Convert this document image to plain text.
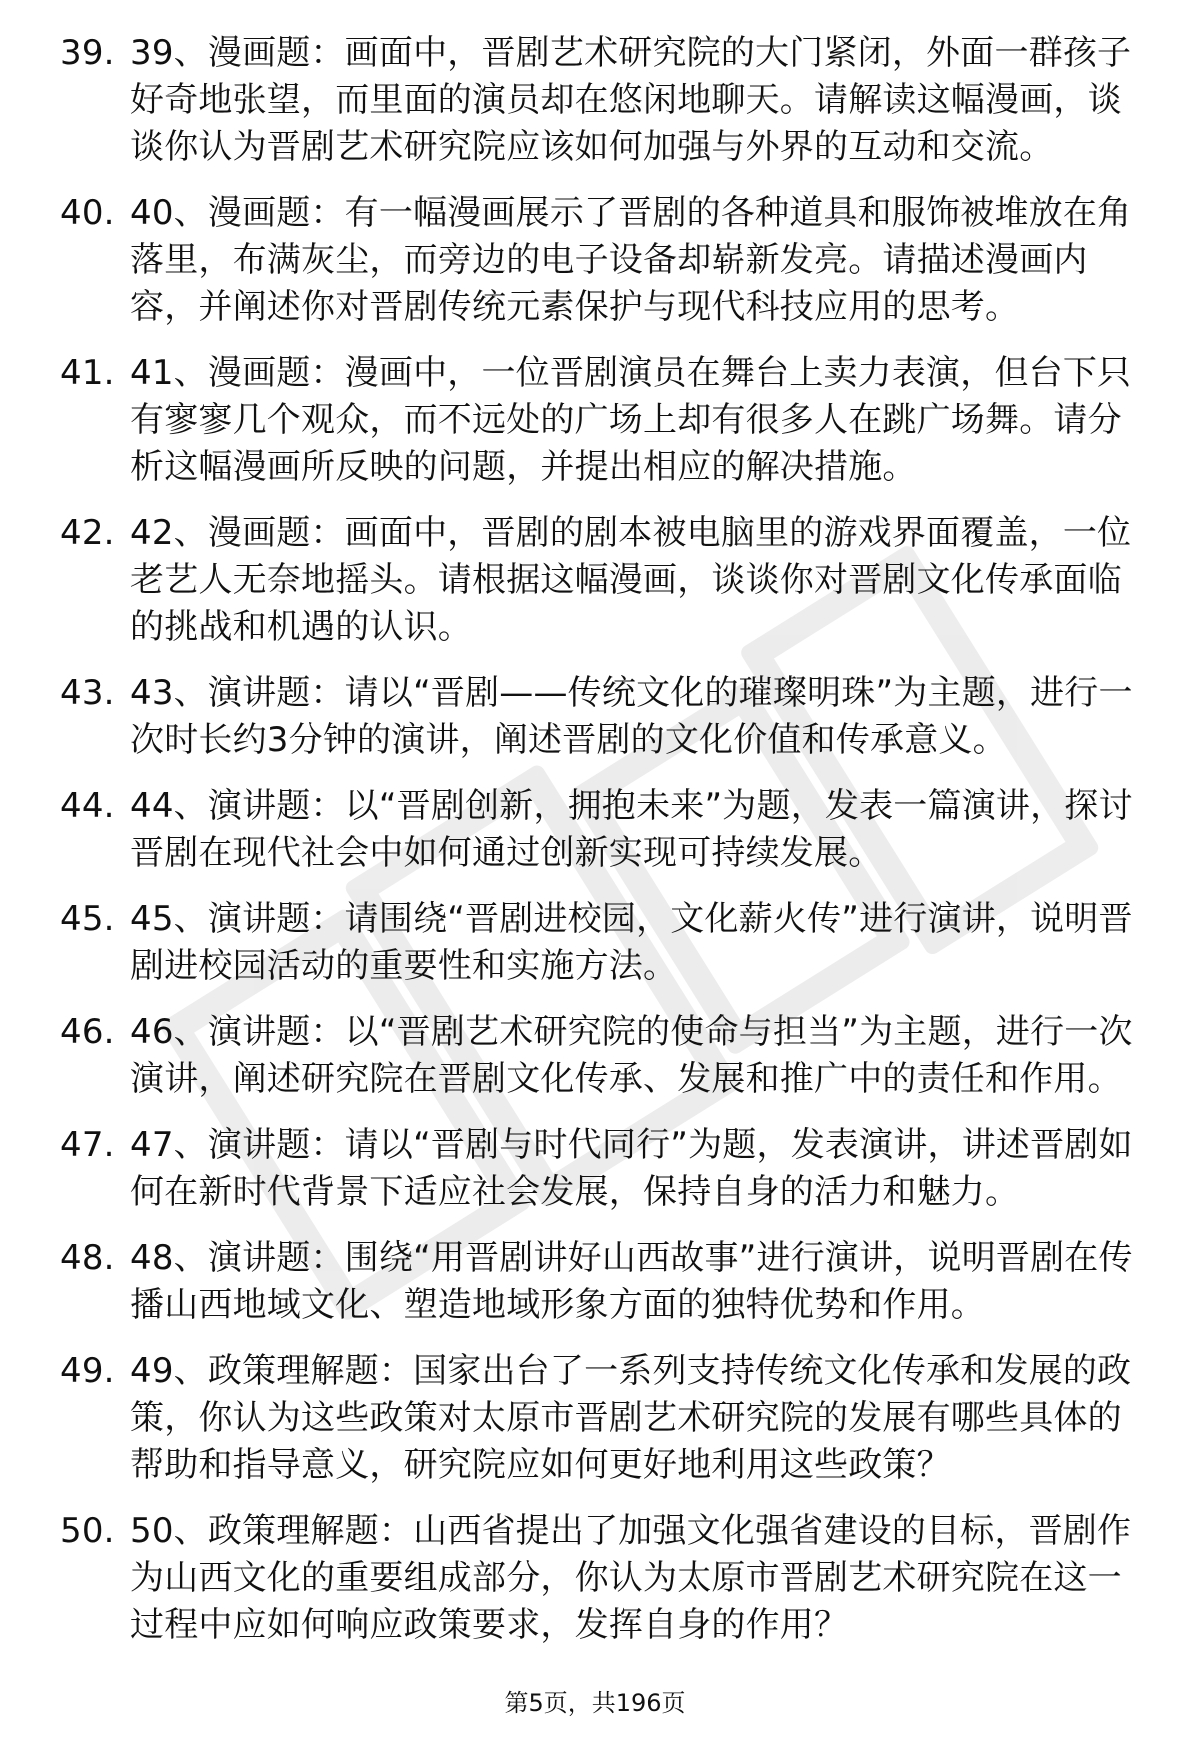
39. 39、漫画题：画面中，晋剧艺术研究院的大门紧闭，外面一群孩子好奇地张望，而里面的演员却在悠闲地聊天。请解读这幅漫画，谈谈你认为晋剧艺术研究院应该如何加强与外界的互动和交流。
40. 40、漫画题：有一幅漫画展示了晋剧的各种道具和服饰被堆放在角落里，布满灰尘，而旁边的电子设备却崭新发亮。请描述漫画内容，并阐述你对晋剧传统元素保护与现代科技应用的思考。
41. 41、漫画题：漫画中，一位晋剧演员在舞台上卖力表演，但台下只有寥寥几个观众，而不远处的广场上却有很多人在跳广场舞。请分析这幅漫画所反映的问题，并提出相应的解决措施。
42. 42、漫画题：画面中，晋剧的剧本被电脑里的游戏界面覆盖，一位老艺人无奈地摇头。请根据这幅漫画，谈谈你对晋剧文化传承面临的挑战和机遇的认识。
43. 43、演讲题：请以“晋剧——传统文化的璀璨明珠”为主题，进行一次时长约3分钟的演讲，阐述晋剧的文化价值和传承意义。
44. 44、演讲题：以“晋剧创新，拥抱未来”为题，发表一篇演讲，探讨晋剧在现代社会中如何通过创新实现可持续发展。
45. 45、演讲题：请围绕“晋剧进校园，文化薪火传”进行演讲，说明晋剧进校园活动的重要性和实施方法。
46. 46、演讲题：以“晋剧艺术研究院的使命与担当”为主题，进行一次演讲，阐述研究院在晋剧文化传承、发展和推广中的责任和作用。
47. 47、演讲题：请以“晋剧与时代同行”为题，发表演讲，讲述晋剧如何在新时代背景下适应社会发展，保持自身的活力和魅力。
48. 48、演讲题：围绕“用晋剧讲好山西故事”进行演讲，说明晋剧在传播山西地域文化、塑造地域形象方面的独特优势和作用。
49. 49、政策理解题：国家出台了一系列支持传统文化传承和发展的政策，你认为这些政策对太原市晋剧艺术研究院的发展有哪些具体的帮助和指导意义，研究院应如何更好地利用这些政策？
50. 50、政策理解题：山西省提出了加强文化强省建设的目标，晋剧作为山西文化的重要组成部分，你认为太原市晋剧艺术研究院在这一过程中应如何响应政策要求，发挥自身的作用？
第5页，共196页
